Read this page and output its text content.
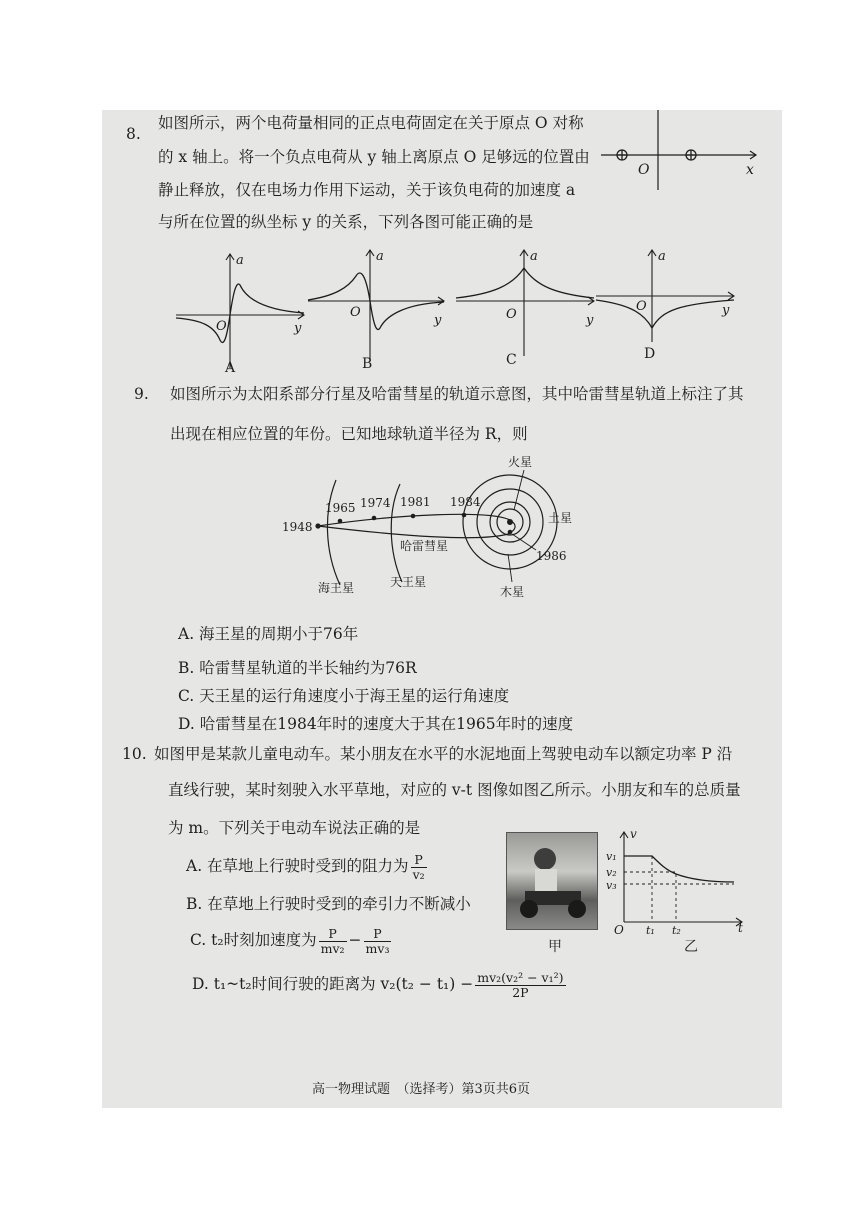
8.
如图所示，两个电荷量相同的正点电荷固定在关于原点 O 对称
的 x 轴上。将一个负点电荷从 y 轴上离原点 O 足够远的位置由
静止释放，仅在电场力作用下运动，关于该负电荷的加速度 a
与所在位置的纵坐标 y 的关系，下列各图可能正确的是
O	x
a
y
O
A
a
y
O
B
a
y
O
C
a
y
O
D
9. 如图所示为太阳系部分行星及哈雷彗星的轨道示意图，其中哈雷彗星轨道上标注了其
出现在相应位置的年份。已知地球轨道半径为 R，则
1948
1965 1974 1981 1984
1986
火星
土星
哈雷彗星
海王星	天王星
木星
A. 海王星的周期小于76年
B. 哈雷彗星轨道的半长轴约为76R
C. 天王星的运行角速度小于海王星的运行角速度
D. 哈雷彗星在1984年时的速度大于其在1965年时的速度
10. 如图甲是某款儿童电动车。某小朋友在水平的水泥地面上驾驶电动车以额定功率 P 沿
直线行驶，某时刻驶入水平草地，对应的 v-t 图像如图乙所示。小朋友和车的总质量
为 m。下列关于电动车说法正确的是
A. 在草地上行驶时受到的阻力为 $\frac{P}{\text{v₂}}$
B. 在草地上行驶时受到的牵引力不断减小
C. t₂时刻加速度为 $\frac{P}{\text{mv₂}} - \frac{P}{\text{mv₃}}$
D. t₁~t₂时间行驶的距离为 $v_2(t_2 - t_1) - \frac{\text{mv₂(v₂² − v₁²)}}{2P}$
甲
v
t
O
v₁
v₂
v₃
t₁ t₂
乙
高一物理试题　（选择考）第3页共6页
